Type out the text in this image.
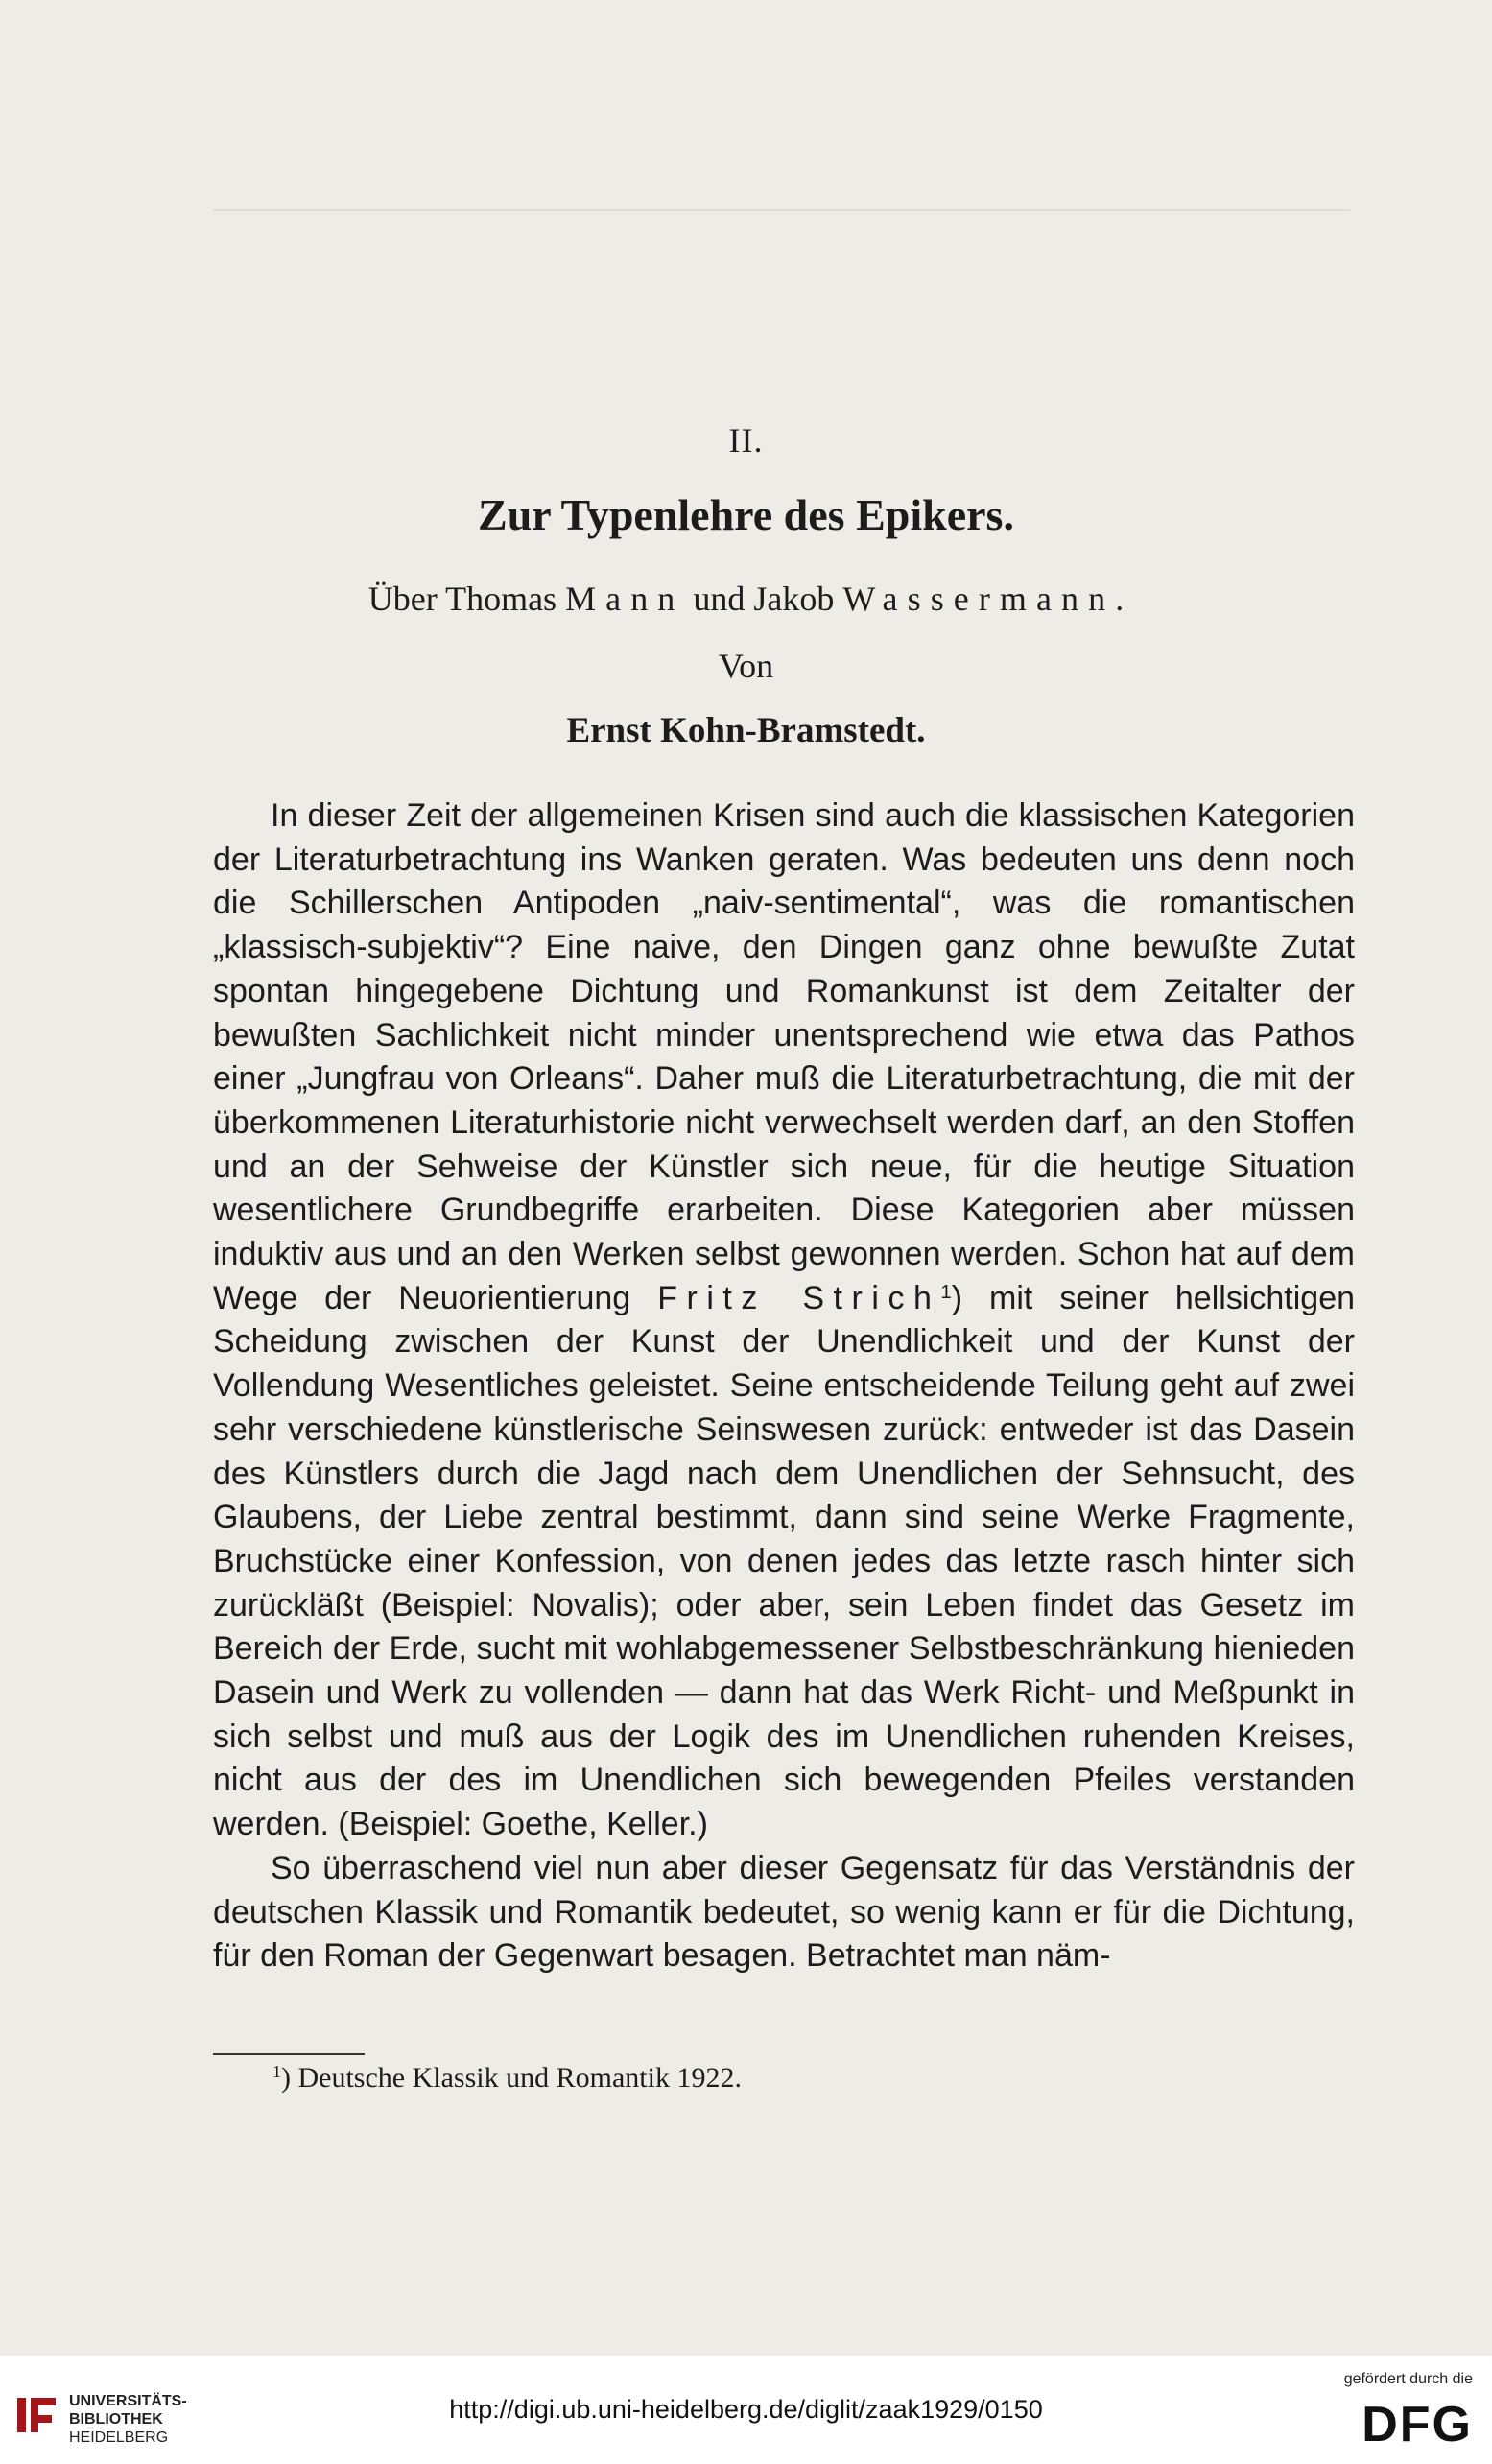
II.
Zur Typenlehre des Epikers.
Über Thomas Mann und Jakob Wassermann.
Von
Ernst Kohn-Bramstedt.

In dieser Zeit der allgemeinen Krisen sind auch die klassischen Kategorien der Literaturbetrachtung ins Wanken geraten. Was bedeuten uns denn noch die Schillerschen Antipoden „naiv-sentimental“, was die romantischen „klassisch-subjektiv“? Eine naive, den Dingen ganz ohne bewußte Zutat spontan hingegebene Dichtung und Romankunst ist dem Zeitalter der bewußten Sachlichkeit nicht minder unentsprechend wie etwa das Pathos einer „Jungfrau von Orleans“. Daher muß die Literaturbetrachtung, die mit der überkommenen Literaturhistorie nicht verwechselt werden darf, an den Stoffen und an der Sehweise der Künstler sich neue, für die heutige Situation wesentlichere Grundbegriffe erarbeiten. Diese Kategorien aber müssen induktiv aus und an den Werken selbst gewonnen werden. Schon hat auf dem Wege der Neuorientierung Fritz Strich$^1$) mit seiner hellsichtigen Scheidung zwischen der Kunst der Unendlichkeit und der Kunst der Vollendung Wesentliches geleistet. Seine entscheidende Teilung geht auf zwei sehr verschiedene künstlerische Seinswesen zurück: entweder ist das Dasein des Künstlers durch die Jagd nach dem Unendlichen der Sehnsucht, des Glaubens, der Liebe zentral bestimmt, dann sind seine Werke Fragmente, Bruchstücke einer Konfession, von denen jedes das letzte rasch hinter sich zurückläßt (Beispiel: Novalis); oder aber, sein Leben findet das Gesetz im Bereich der Erde, sucht mit wohlabgemessener Selbstbeschränkung hienieden Dasein und Werk zu vollenden — dann hat das Werk Richt- und Meßpunkt in sich selbst und muß aus der Logik des im Unendlichen ruhenden Kreises, nicht aus der des im Unendlichen sich bewegenden Pfeiles verstanden werden. (Beispiel: Goethe, Keller.)

So überraschend viel nun aber dieser Gegensatz für das Verständnis der deutschen Klassik und Romantik bedeutet, so wenig kann er für die Dichtung, für den Roman der Gegenwart besagen. Betrachtet man näm-

$^1$) Deutsche Klassik und Romantik 1922.
UNIVERSITÄTS-
BIBLIOTHEK
HEIDELBERG
http://digi.ub.uni-heidelberg.de/diglit/zaak1929/0150
gefördert durch die
DFG
